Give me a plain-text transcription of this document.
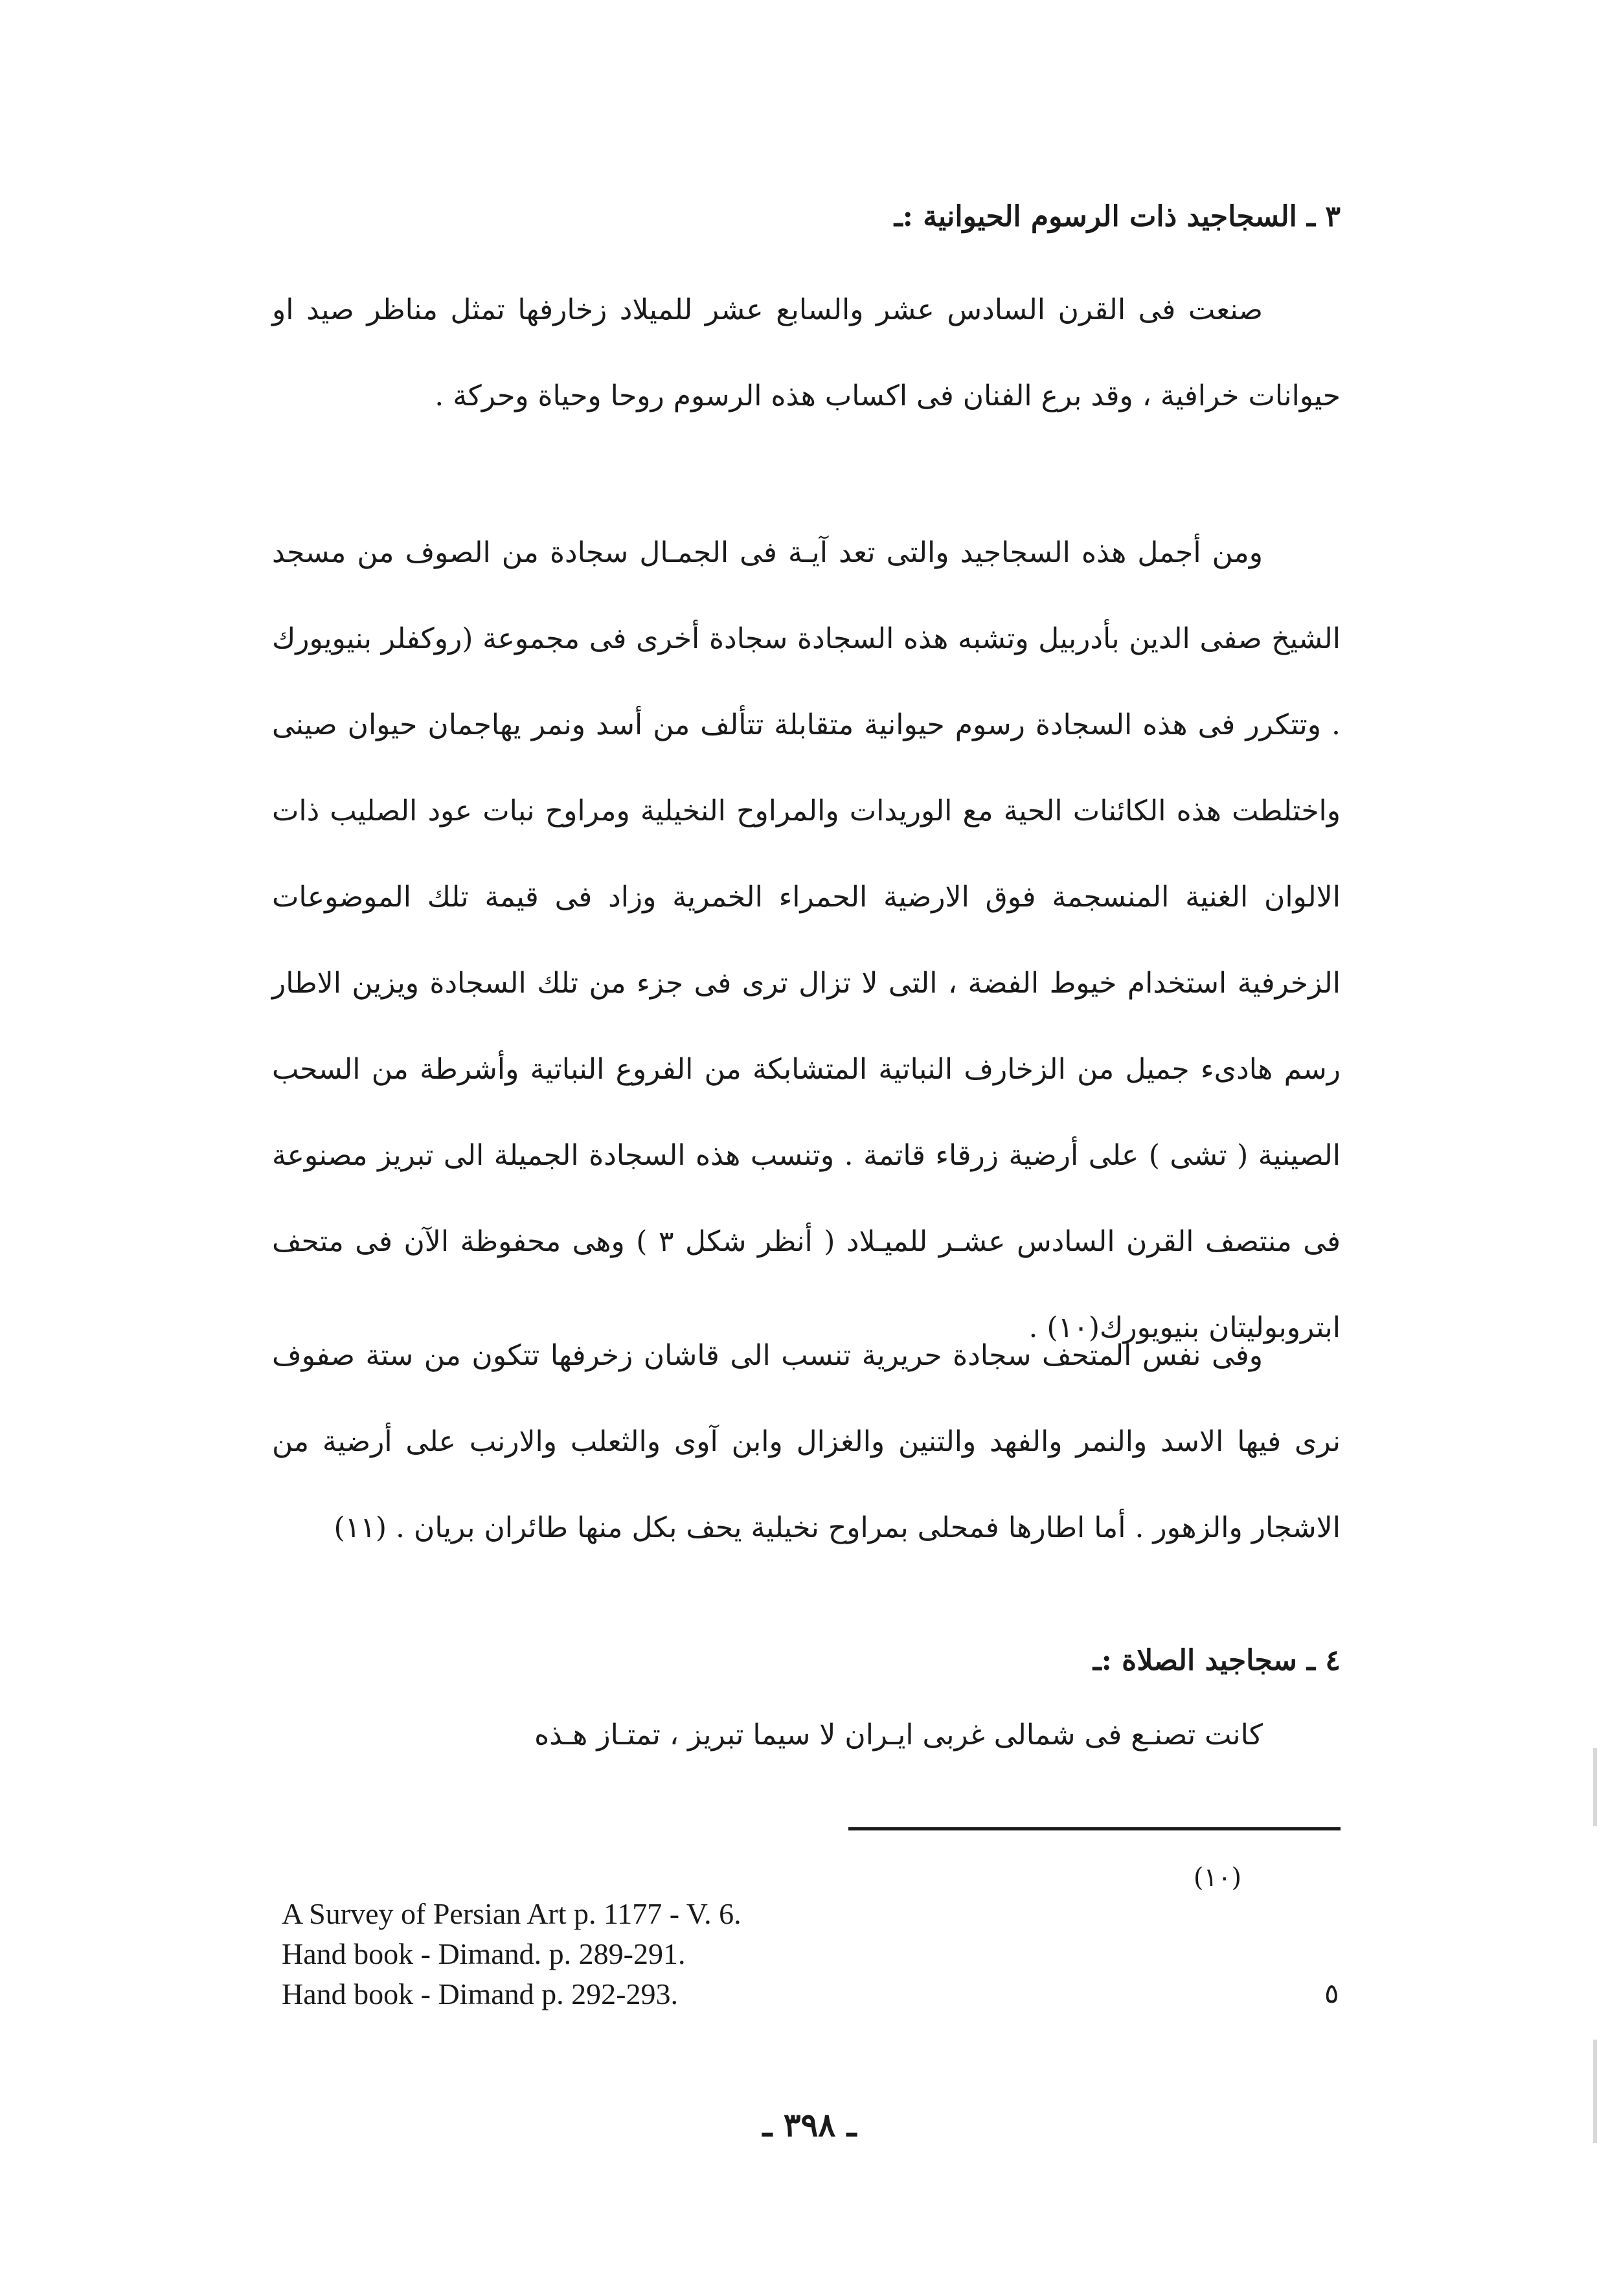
٣ ـ السجاجيد ذات الرسوم الحيوانية :ـ
صنعت فى القرن السادس عشر والسابع عشر للميلاد زخارفها تمثل مناظر صيد او حيوانات خرافية ، وقد برع الفنان فى اكساب هذه الرسوم روحا وحياة وحركة .
ومن أجمل هذه السجاجيد والتى تعد آيـة فى الجمـال سجادة من الصوف من مسجد الشيخ صفى الدين بأدربيل وتشبه هذه السجادة سجادة أخرى فى مجموعة (روكفلر بنيويورك . وتتكرر فى هذه السجادة رسوم حيوانية متقابلة تتألف من أسد ونمر يهاجمان حيوان صينى واختلطت هذه الكائنات الحية مع الوريدات والمراوح النخيلية ومراوح نبات عود الصليب ذات الالوان الغنية المنسجمة فوق الارضية الحمراء الخمرية وزاد فى قيمة تلك الموضوعات الزخرفية استخدام خيوط الفضة ، التى لا تزال ترى فى جزء من تلك السجادة ويزين الاطار رسم هادىء جميل من الزخارف النباتية المتشابكة من الفروع النباتية وأشرطة من السحب الصينية ( تشى ) على أرضية زرقاء قاتمة . وتنسب هذه السجادة الجميلة الى تبريز مصنوعة فى منتصف القرن السادس عشـر للميـلاد ( أنظر شكل ٣ ) وهى محفوظة الآن فى متحف ابتروبوليتان بنيويورك(١٠) .
وفى نفس المتحف سجادة حريرية تنسب الى قاشان زخرفها تتكون من ستة صفوف نرى فيها الاسد والنمر والفهد والتنين والغزال وابن آوى والثعلب والارنب على أرضية من الاشجار والزهور . أما اطارها فمحلى بمراوح نخيلية يحف بكل منها طائران بريان . (١١)
٤ ـ سجاجيد الصلاة :ـ
كانت تصنـع فى شمالى غربى ايـران لا سيما تبريز ، تمتـاز هـذه
(١٠)
A Survey of Persian Art p. 1177 - V. 6.
Hand book - Dimand. p. 289-291.
Hand book - Dimand p. 292-293.	٥
ـ ٣٩٨ ـ
